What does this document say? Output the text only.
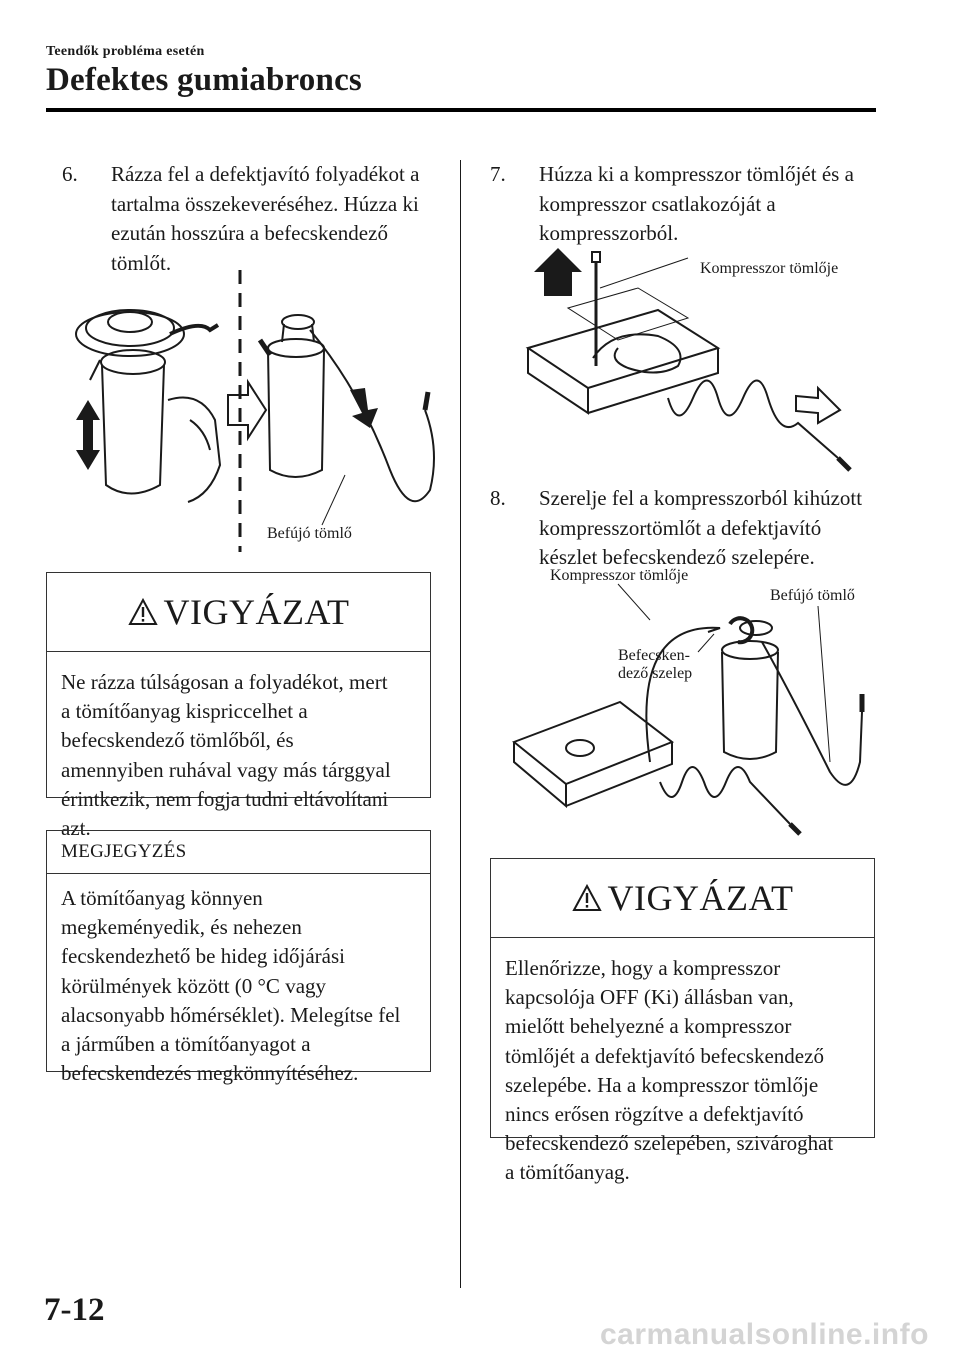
Teendők probléma esetén
Defektes gumiabroncs
6. Rázza fel a defektjavító folyadékot a
tartalma összekeveréséhez. Húzza ki
ezután hosszúra a befecskendező
tömlőt.
Befújó tömlő
VIGYÁZAT
Ne rázza túlságosan a folyadékot, mert
a tömítőanyag kispriccelhet a
befecskendező tömlőből, és
amennyiben ruhával vagy más tárggyal
érintkezik, nem fogja tudni eltávolítani
azt.
MEGJEGYZÉS
A tömítőanyag könnyen
megkeményedik, és nehezen
fecskendezhető be hideg időjárási
körülmények között (0 °C vagy
alacsonyabb hőmérséklet). Melegítse fel
a járműben a tömítőanyagot a
befecskendezés megkönnyítéséhez.
7. Húzza ki a kompresszor tömlőjét és a
kompresszor csatlakozóját a
kompresszorból.
Kompresszor tömlője
8. Szerelje fel a kompresszorból kihúzott
kompresszortömlőt a defektjavító
készlet befecskendező szelepére.
Kompresszor tömlője
Befújó tömlő
Befecsken-
dező szelep
VIGYÁZAT
Ellenőrizze, hogy a kompresszor
kapcsolója OFF (Ki) állásban van,
mielőtt behelyezné a kompresszor
tömlőjét a defektjavító befecskendező
szelepébe. Ha a kompresszor tömlője
nincs erősen rögzítve a defektjavító
befecskendező szelepében, szivároghat
a tömítőanyag.
7-12
carmanualsonline.info
